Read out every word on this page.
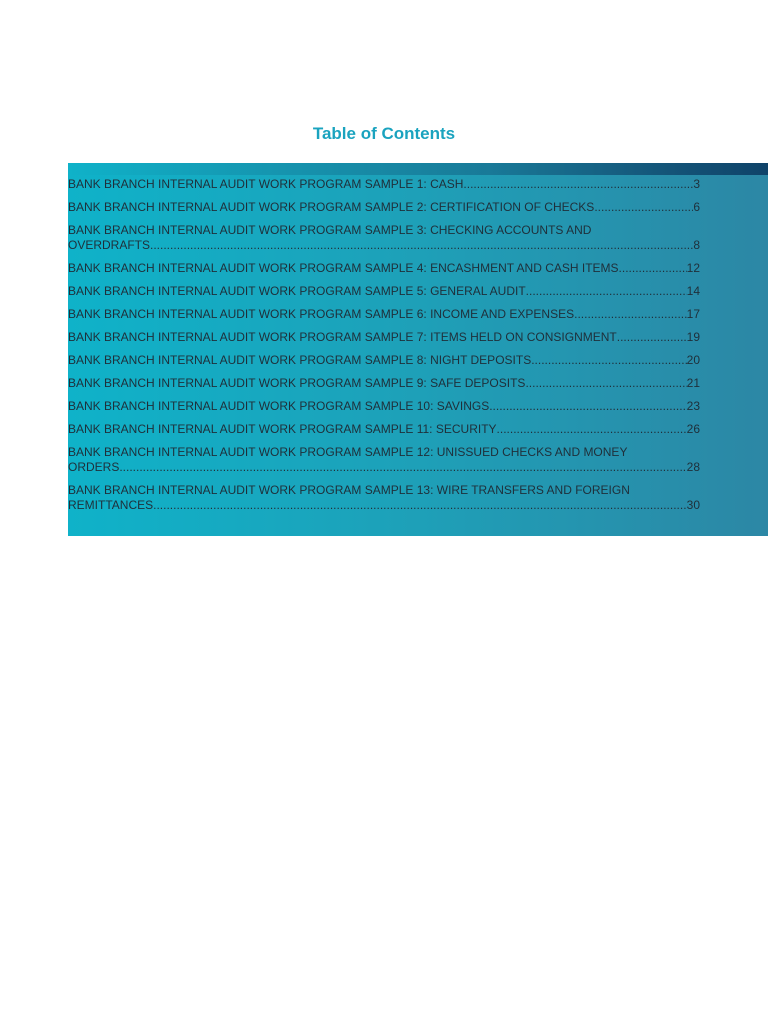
Table of Contents
BANK BRANCH INTERNAL AUDIT WORK PROGRAM SAMPLE 1: CASH .....	3
BANK BRANCH INTERNAL AUDIT WORK PROGRAM SAMPLE 2: CERTIFICATION OF CHECKS .....	6
BANK BRANCH INTERNAL AUDIT WORK PROGRAM SAMPLE 3: CHECKING ACCOUNTS AND
OVERDRAFTS .....	8
BANK BRANCH INTERNAL AUDIT WORK PROGRAM SAMPLE 4: ENCASHMENT AND CASH ITEMS .....	12
BANK BRANCH INTERNAL AUDIT WORK PROGRAM SAMPLE 5: GENERAL AUDIT .....	14
BANK BRANCH INTERNAL AUDIT WORK PROGRAM SAMPLE 6: INCOME AND EXPENSES .....	17
BANK BRANCH INTERNAL AUDIT WORK PROGRAM SAMPLE 7: ITEMS HELD ON CONSIGNMENT .....	19
BANK BRANCH INTERNAL AUDIT WORK PROGRAM SAMPLE 8: NIGHT DEPOSITS .....	20
BANK BRANCH INTERNAL AUDIT WORK PROGRAM SAMPLE 9: SAFE DEPOSITS .....	21
BANK BRANCH INTERNAL AUDIT WORK PROGRAM SAMPLE 10: SAVINGS .....	23
BANK BRANCH INTERNAL AUDIT WORK PROGRAM SAMPLE 11: SECURITY .....	26
BANK BRANCH INTERNAL AUDIT WORK PROGRAM SAMPLE 12: UNISSUED CHECKS AND MONEY
ORDERS .....	28
BANK BRANCH INTERNAL AUDIT WORK PROGRAM SAMPLE 13: WIRE TRANSFERS AND FOREIGN
REMITTANCES .....	30
